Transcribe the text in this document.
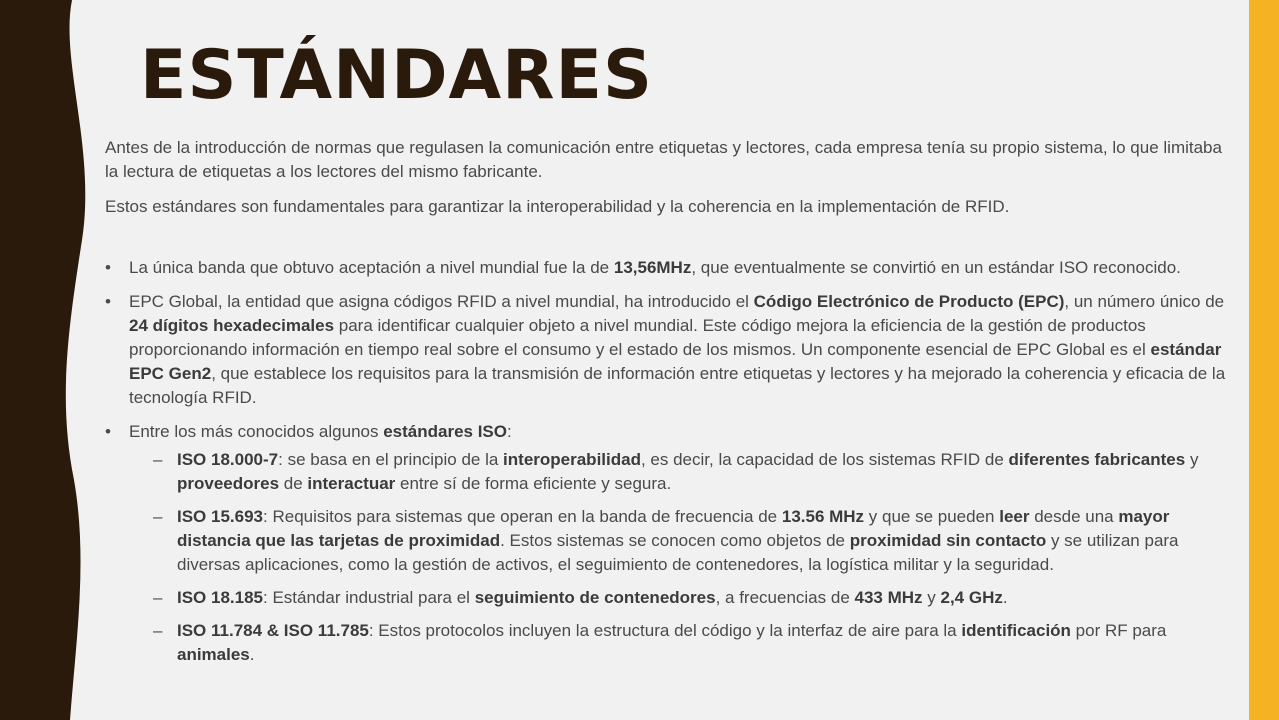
ESTÁNDARES

Antes de la introducción de normas que regulasen la comunicación entre etiquetas y lectores, cada empresa tenía su propio sistema, lo que limitaba la lectura de etiquetas a los lectores del mismo fabricante.

Estos estándares son fundamentales para garantizar la interoperabilidad y la coherencia en la implementación de RFID.

• La única banda que obtuvo aceptación a nivel mundial fue la de 13,56MHz, que eventualmente se convirtió en un estándar ISO reconocido.
• EPC Global, la entidad que asigna códigos RFID a nivel mundial, ha introducido el Código Electrónico de Producto (EPC), un número único de 24 dígitos hexadecimales para identificar cualquier objeto a nivel mundial. Este código mejora la eficiencia de la gestión de productos proporcionando información en tiempo real sobre el consumo y el estado de los mismos. Un componente esencial de EPC Global es el estándar EPC Gen2, que establece los requisitos para la transmisión de información entre etiquetas y lectores y ha mejorado la coherencia y eficacia de la tecnología RFID.
• Entre los más conocidos algunos estándares ISO:
– ISO 18.000-7: se basa en el principio de la interoperabilidad, es decir, la capacidad de los sistemas RFID de diferentes fabricantes y proveedores de interactuar entre sí de forma eficiente y segura.
– ISO 15.693: Requisitos para sistemas que operan en la banda de frecuencia de 13.56 MHz y que se pueden leer desde una mayor distancia que las tarjetas de proximidad. Estos sistemas se conocen como objetos de proximidad sin contacto y se utilizan para diversas aplicaciones, como la gestión de activos, el seguimiento de contenedores, la logística militar y la seguridad.
– ISO 18.185: Estándar industrial para el seguimiento de contenedores, a frecuencias de 433 MHz y 2,4 GHz.
– ISO 11.784 & ISO 11.785: Estos protocolos incluyen la estructura del código y la interfaz de aire para la identificación por RF para animales.
